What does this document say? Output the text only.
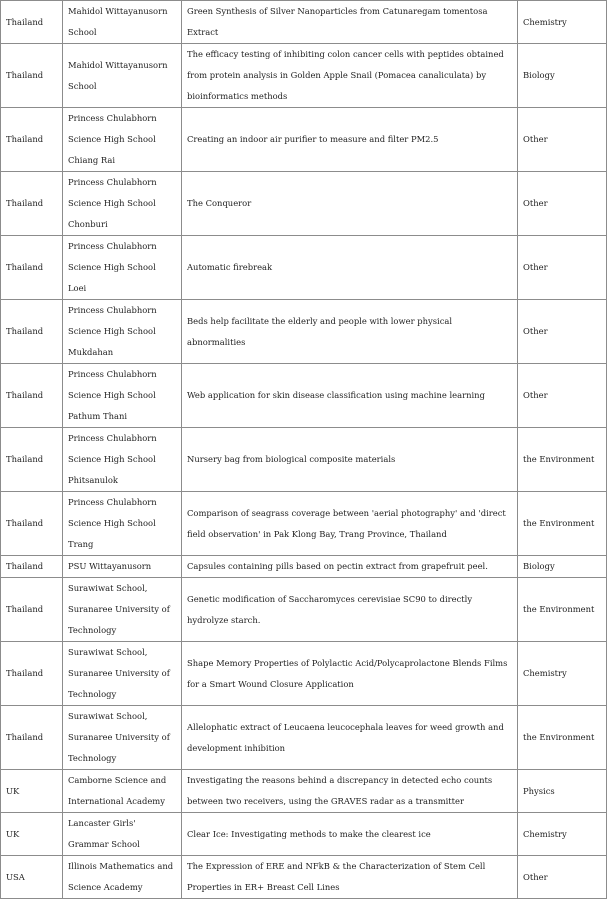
Thailand	Mahidol Wittayanusorn School	Green Synthesis of Silver Nanoparticles from Catunaregam tomentosa Extract	Chemistry
Thailand	Mahidol Wittayanusorn School	The efficacy testing of inhibiting colon cancer cells with peptides obtained from protein analysis in Golden Apple Snail (Pomacea canaliculata) by bioinformatics methods	Biology
Thailand	Princess Chulabhorn Science High School Chiang Rai	Creating an indoor air purifier to measure and filter PM2.5	Other
Thailand	Princess Chulabhorn Science High School Chonburi	The Conqueror	Other
Thailand	Princess Chulabhorn Science High School Loei	Automatic firebreak	Other
Thailand	Princess Chulabhorn Science High School Mukdahan	Beds help facilitate the elderly and people with lower physical abnormalities	Other
Thailand	Princess Chulabhorn Science High School Pathum Thani	Web application for skin disease classification using machine learning	Other
Thailand	Princess Chulabhorn Science High School Phitsanulok	Nursery bag from biological composite materials	the Environment
Thailand	Princess Chulabhorn Science High School Trang	Comparison of seagrass coverage between 'aerial photography' and 'direct field observation' in Pak Klong Bay, Trang Province, Thailand	the Environment
Thailand	PSU Wittayanusorn	Capsules containing pills based on pectin extract from grapefruit peel.	Biology
Thailand	Surawiwat School, Suranaree University of Technology	Genetic modification of Saccharomyces cerevisiae SC90 to directly hydrolyze starch.	the Environment
Thailand	Surawiwat School, Suranaree University of Technology	Shape Memory Properties of Polylactic Acid/Polycaprolactone Blends Films for a Smart Wound Closure Application	Chemistry
Thailand	Surawiwat School, Suranaree University of Technology	Allelophatic extract of Leucaena leucocephala leaves for weed growth and development inhibition	the Environment
UK	Camborne Science and International Academy	Investigating the reasons behind a discrepancy in detected echo counts between two receivers, using the GRAVES radar as a transmitter	Physics
UK	Lancaster Girls' Grammar School	Clear Ice: Investigating methods to make the clearest ice	Chemistry
USA	Illinois Mathematics and Science Academy	The Expression of ERE and NFkB & the Characterization of Stem Cell Properties in ER+ Breast Cell Lines	Other
